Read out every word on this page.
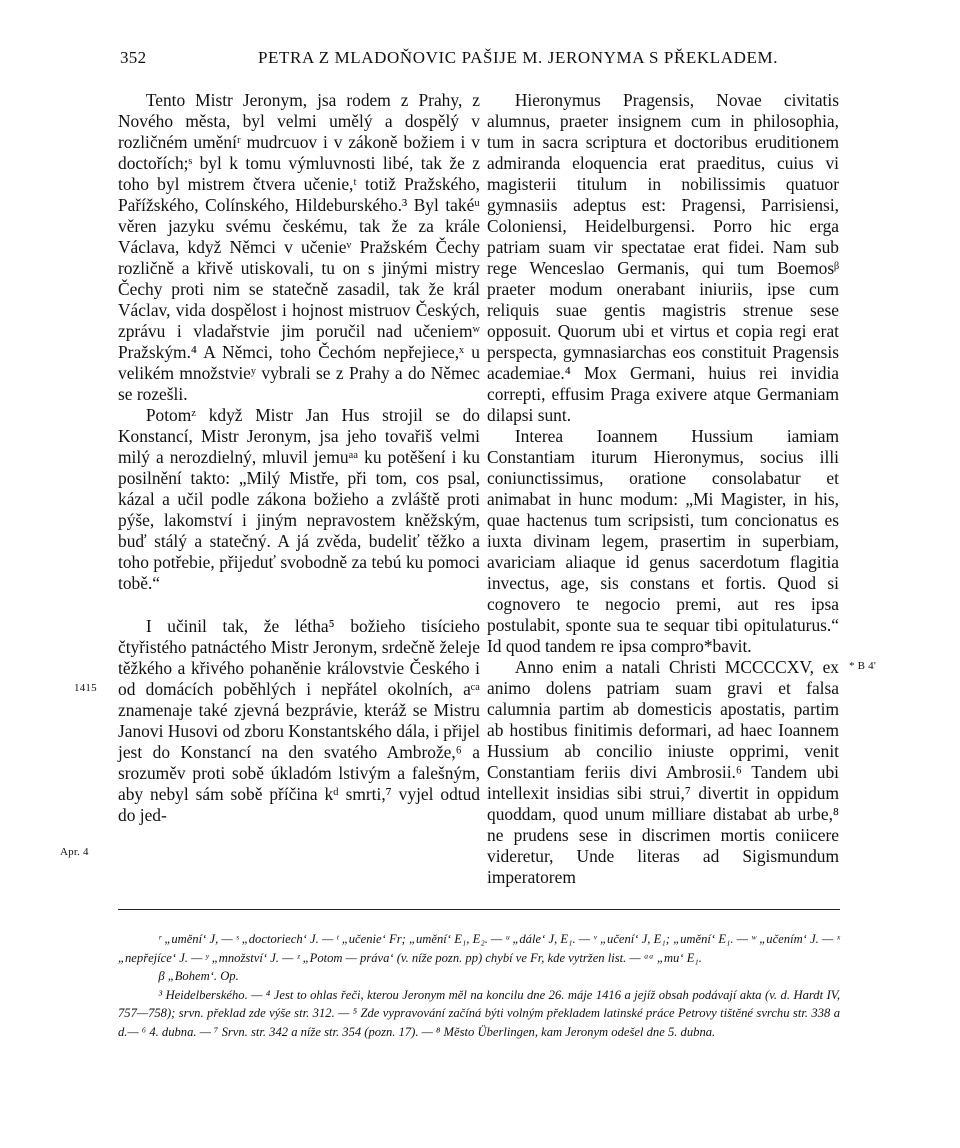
352	PETRA Z MLADOŇOVIC PAŠIJE M. JERONYMA S PŘEKLADEM.

Tento Mistr Jeronym, jsa rodem z Prahy, z Nového města, byl velmi umělý a dospělý v rozličném uměníʳ mudrcuov i v zákoně božiem i v doctořích;ˢ byl k tomu výmluvnosti libé, tak že z toho byl mistrem čtvera učenie,ᵗ totiž Pražského, Pařížského, Colínského, Hildeburského.³ Byl takéᵘ věren jazyku svému českému, tak že za krále Václava, když Němci v učenieᵛ Pražském Čechy rozličně a křivě utiskovali, tu on s jinými mistry Čechy proti nim se statečně zasadil, tak že král Václav, vida dospělost i hojnost mistruov Českých, zprávu i vladařstvie jim poručil nad učeniemʷ Pražským.⁴ A Němci, toho Čechóm nepřejiece,ˣ u velikém množstvieʸ vybrali se z Prahy a do Němec se rozešli.

Potomᶻ když Mistr Jan Hus strojil se do Konstancí, Mistr Jeronym, jsa jeho tovařiš velmi milý a nerozdielný, mluvil jemuᵃᵃ ku potěšení i ku posilnění takto: „Milý Mistře, při tom, cos psal, kázal a učil podle zákona božieho a zvláště proti pýše, lakomství i jiným nepravostem kněžským, buď stálý a statečný. A já zvěda, budeliť těžko a toho potřebie, přijeduť svobodně za tebú ku pomoci tobě.“

I učinil tak, že létha⁵ božieho tisícieho čtyřistého patnáctého Mistr Jeronym, srdečně želeje těžkého a křivého pohaněnie královstvie Českého i od domácích poběhlých i nepřátel okolních, aᶜᵃ znamenaje také zjevná bezprávie, kteráž se Mistru Janovi Husovi od zboru Konstantského dála, i přijel jest do Konstancí na den svatého Ambrože,⁶ a srozuměv proti sobě úkladóm lstivým a falešným, aby nebyl sám sobě příčina kᵈ smrti,⁷ vyjel odtud do jed-

Hieronymus Pragensis, Novae civitatis alumnus, praeter insignem cum in philosophia, tum in sacra scriptura et doctoribus eruditionem admiranda eloquencia erat praeditus, cuius vi magisterii titulum in nobilissimis quatuor gymnasiis adeptus est: Pragensi, Parrisiensi, Coloniensi, Heidelburgensi. Porro hic erga patriam suam vir spectatae erat fidei. Nam sub rege Wenceslao Germanis, qui tum Boemosᵝ praeter modum onerabant iniuriis, ipse cum reliquis suae gentis magistris strenue sese opposuit. Quorum ubi et virtus et copia regi erat perspecta, gymnasiarchas eos constituit Pragensis academiae.⁴ Mox Germani, huius rei invidia correpti, effusim Praga exivere atque Germaniam dilapsi sunt.

Interea Ioannem Hussium iamiam Constantiam iturum Hieronymus, socius illi coniunctissimus, oratione consolabatur et animabat in hunc modum: „Mi Magister, in his, quae hactenus tum scripsisti, tum concionatus es iuxta divinam legem, prasertim in superbiam, avariciam aliaque id genus sacerdotum flagitia invectus, age, sis constans et fortis. Quod si cognovero te negocio premi, aut res ipsa postulabit, sponte sua te sequar tibi opitulaturus.“ Id quod tandem re ipsa compro*bavit.

Anno enim a natali Christi MCCCCXV, ex animo dolens patriam suam gravi et falsa calumnia partim ab domesticis apostatis, partim ab hostibus finitimis deformari, ad haec Ioannem Hussium ab concilio iniuste opprimi, venit Constantiam feriis divi Ambrosii.⁶ Tandem ubi intellexit insidias sibi strui,⁷ divertit in oppidum quoddam, quod unum milliare distabat ab urbe,⁸ ne prudens sese in discrimen mortis coniicere videretur, Unde literas ad Sigismundum imperatorem

1415
Apr. 4
* B 4'

ʳ „umění‘ J, — ˢ „doctoriech‘ J. — ᵗ „učenie‘ Fr; „umění‘ E₁, E₂. — ᵘ „dále‘ J, E₁. — ᵛ „učení‘ J, E₁; „umění‘ E₁. — ʷ „učením‘ J. — ˣ „nepřejíce‘ J. — ʸ „množství‘ J. — ᶻ „Potom — práva‘ (v. níže pozn. pp) chybí ve Fr, kde vytržen list. — ᵃᵃ „mu‘ E₁.

β „Bohem‘. Op.

³ Heidelberského. — ⁴ Jest to ohlas řeči, kterou Jeronym měl na koncilu dne 26. máje 1416 a jejíž obsah podávají akta (v. d. Hardt IV, 757—758); srvn. překlad zde výše str. 312. — ⁵ Zde vypravování začíná býti volným překladem latinské práce Petrovy tištěné svrchu str. 338 a d.— ⁶ 4. dubna. — ⁷ Srvn. str. 342 a níže str. 354 (pozn. 17). — ⁸ Město Überlingen, kam Jeronym odešel dne 5. dubna.
